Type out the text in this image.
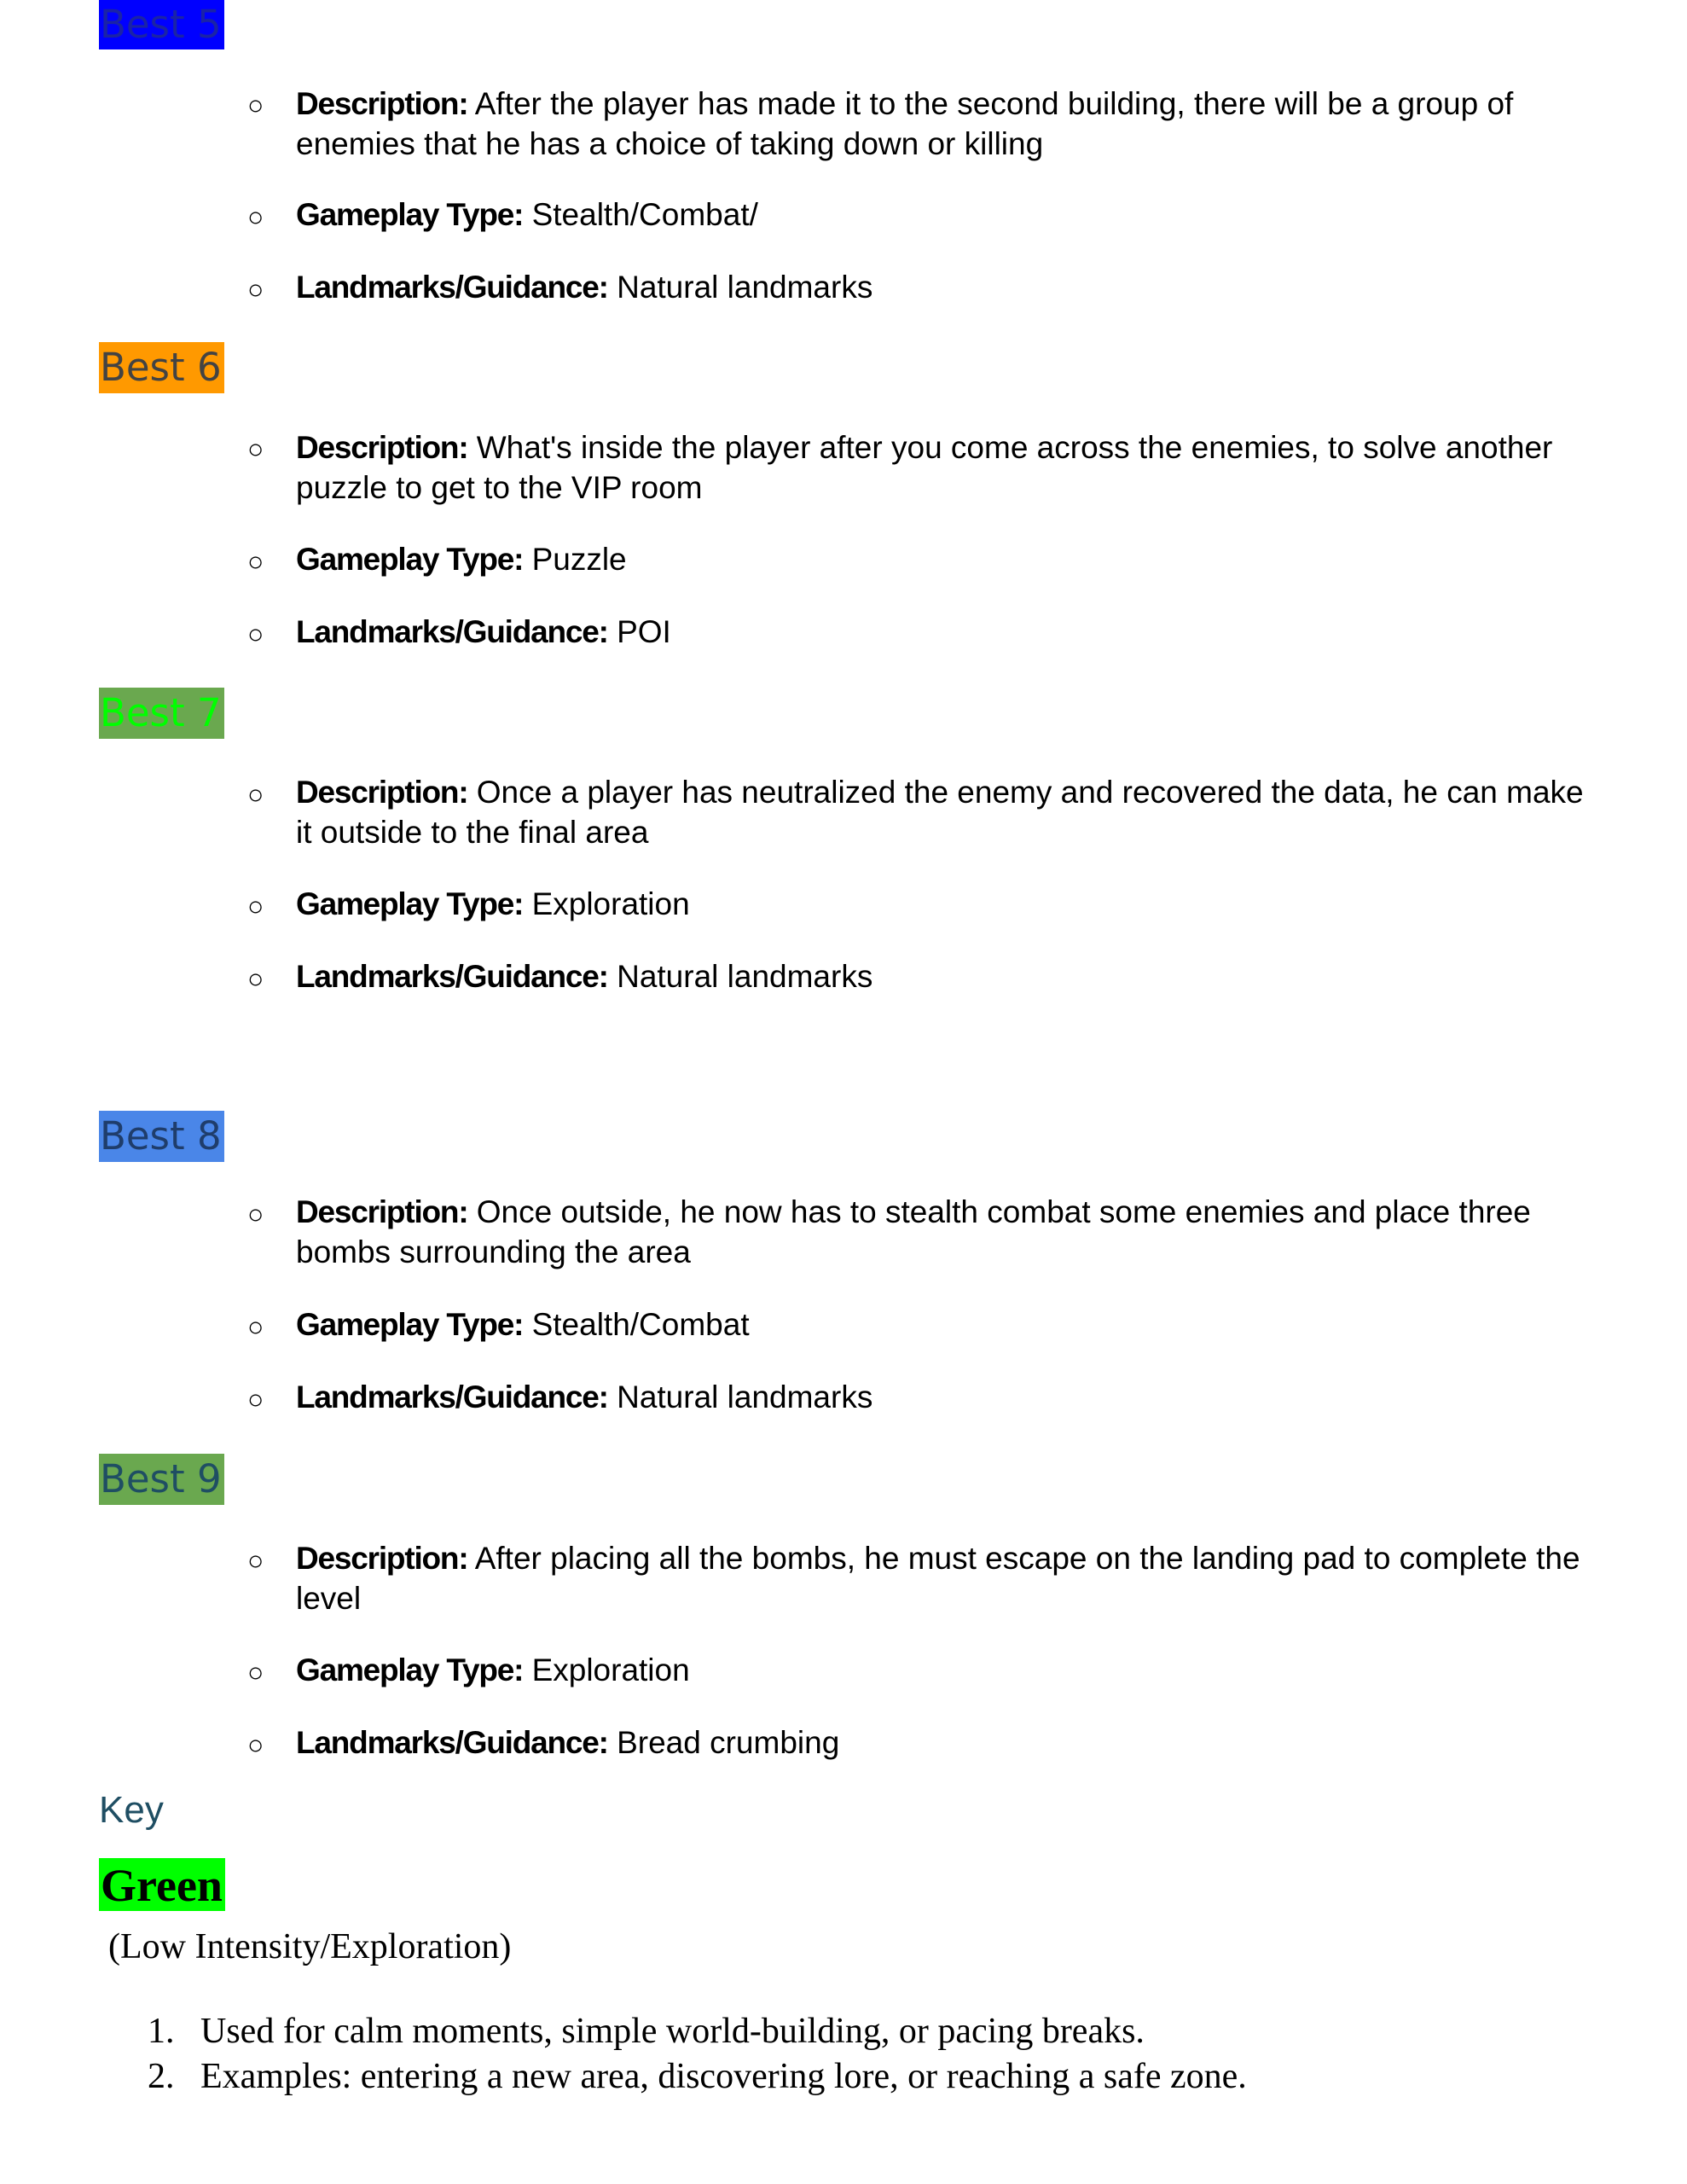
Best 5
○ Description: After the player has made it to the second building, there will be a group of enemies that he has a choice of taking down or killing
○ Gameplay Type: Stealth/Combat/
○ Landmarks/Guidance: Natural landmarks
Best 6
○ Description: What's inside the player after you come across the enemies, to solve another puzzle to get to the VIP room
○ Gameplay Type: Puzzle
○ Landmarks/Guidance: POI
Best 7
○ Description: Once a player has neutralized the enemy and recovered the data, he can make it outside to the final area
○ Gameplay Type: Exploration
○ Landmarks/Guidance: Natural landmarks
Best 8
○ Description: Once outside, he now has to stealth combat some enemies and place three bombs surrounding the area
○ Gameplay Type: Stealth/Combat
○ Landmarks/Guidance: Natural landmarks
Best 9
○ Description: After placing all the bombs, he must escape on the landing pad to complete the level
○ Gameplay Type: Exploration
○ Landmarks/Guidance: Bread crumbing
Key
Green
(Low Intensity/Exploration)
1. Used for calm moments, simple world-building, or pacing breaks.
2. Examples: entering a new area, discovering lore, or reaching a safe zone.
